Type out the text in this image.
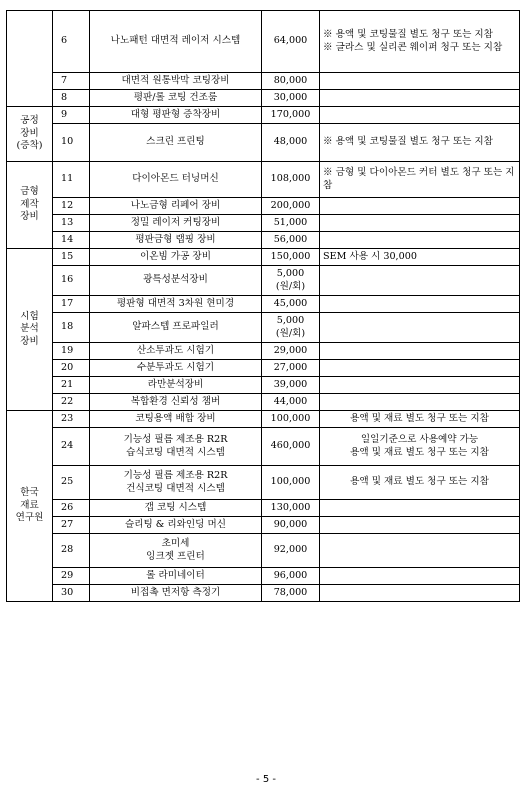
	6	나노패턴 대면적 레이저 시스템	64,000	※ 용액 및 코팅물질 별도 청구 또는 지참
※ 글라스 및 실리콘 웨이퍼 청구 또는 지참

	7	대면적 원통박막 코팅장비	80,000	

	8	평판/롤 코팅 건조룸	30,000	

공정
장비
(증착)	9	대형 평판형 증착장비	170,000	

	10	스크린 프린팅	48,000	※ 용액 및 코팅물질 별도 청구 또는 지참

금형
제작
장비	11	다이아몬드 터닝머신	108,000	※ 금형 및 다이아몬드 커터 별도 청구 또는 지참

	12	나노금형 리페어 장비	200,000	

	13	정밀 레이저 커팅장비	51,000	

	14	평판금형 랩핑 장비	56,000	

시험
분석
장비	15	이온빔 가공 장비	150,000	SEM 사용 시 30,000

	16	광특성분석장비	5,000
(원/회)	

	17	평판형 대면적 3차원 현미경	45,000	

	18	알파스텝 프로파일러	5,000
(원/회)	

	19	산소투과도 시험기	29,000	

	20	수분투과도 시험기	27,000	

	21	라만분석장비	39,000	

	22	복합환경 신뢰성 챔버	44,000	

한국
재료
연구원	23	코팅용액 배합 장비	100,000	용액 및 재료 별도 청구 또는 지참

	24	기능성 필름 제조용 R2R
습식코팅 대면적 시스템	460,000	일일기준으로 사용예약 가능
용액 및 재료 별도 청구 또는 지참

	25	기능성 필름 제조용 R2R
건식코팅 대면적 시스템	100,000	용액 및 재료 별도 청구 또는 지참

	26	갭 코팅 시스템	130,000	

	27	슬리팅 & 리와인딩 머신	90,000	

	28	초미세
잉크젯 프린터	92,000	

	29	롤 라미네이터	96,000	

	30	비접촉 면저항 측정기	78,000	

- 5 -
